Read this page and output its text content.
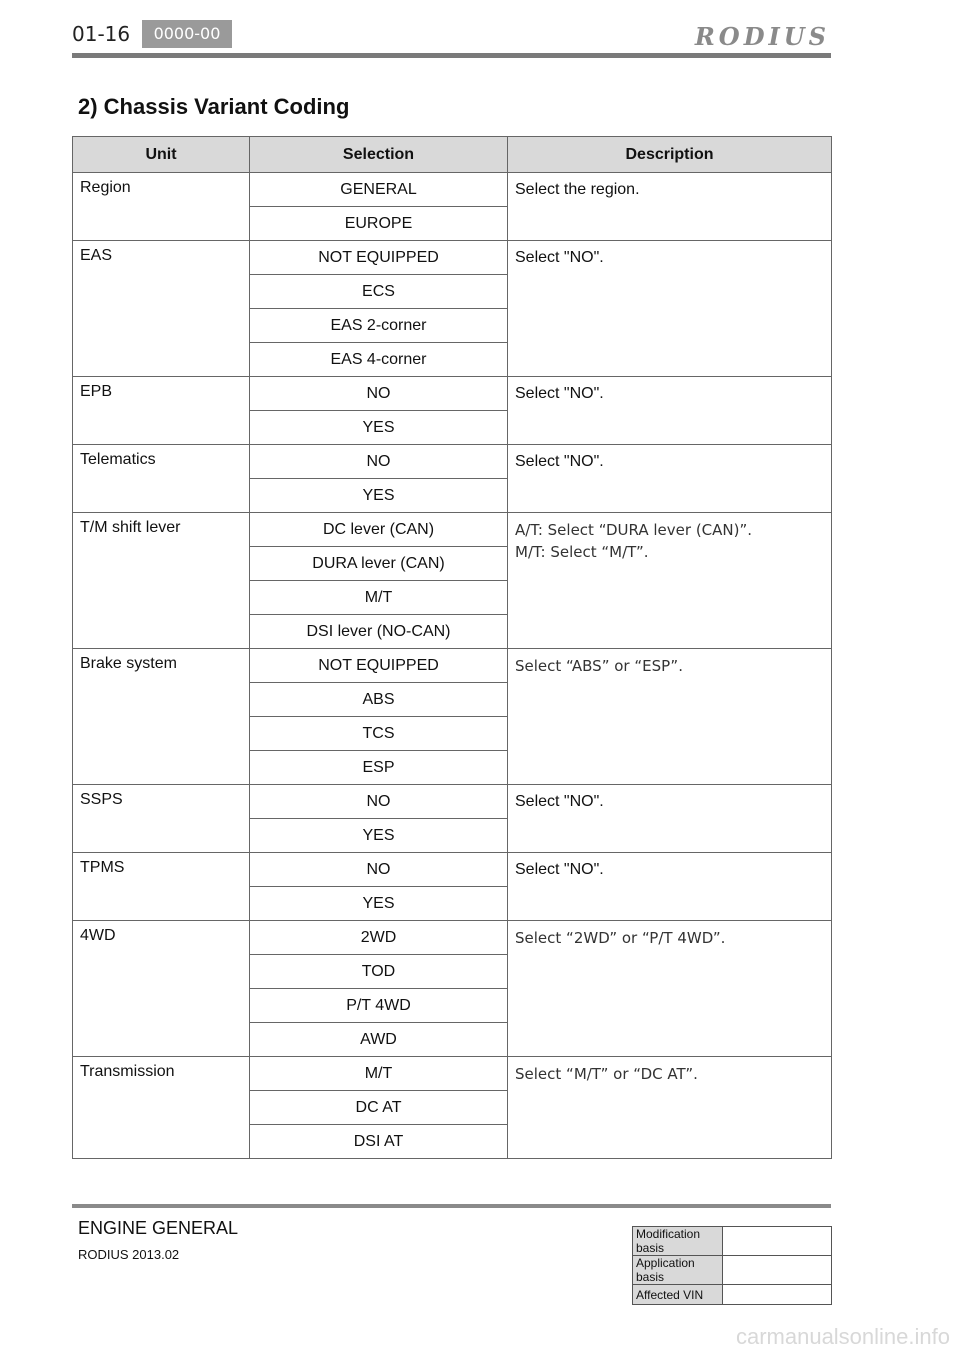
01-16	0000-00	RODIUS
2) Chassis Variant Coding
Unit	Selection	Description
Region	GENERAL	Select the region.

	EUROPE	
EAS	NOT EQUIPPED	Select "NO".

	ECS	
	EAS 2-corner	
	EAS 4-corner	
EPB	NO	Select "NO".

	YES	
Telematics	NO	Select "NO".

	YES	
T/M shift lever	DC lever (CAN)	A/T: Select “DURA lever (CAN)”.
M/T: Select “M/T”.

	DURA lever (CAN)	
	M/T	
	DSI lever (NO-CAN)	
Brake system	NOT EQUIPPED	Select “ABS” or “ESP”.

	ABS	
	TCS	
	ESP	
SSPS	NO	Select "NO".

	YES	
TPMS	NO	Select "NO".

	YES	
4WD	2WD	Select “2WD” or “P/T 4WD”.

	TOD	
	P/T 4WD	
	AWD	
Transmission	M/T	Select “M/T” or “DC AT”.

	DC AT	
	DSI AT	
ENGINE GENERAL
RODIUS 2013.02
Modification basis	
Application basis	
Affected VIN	
carmanualsonline.info
